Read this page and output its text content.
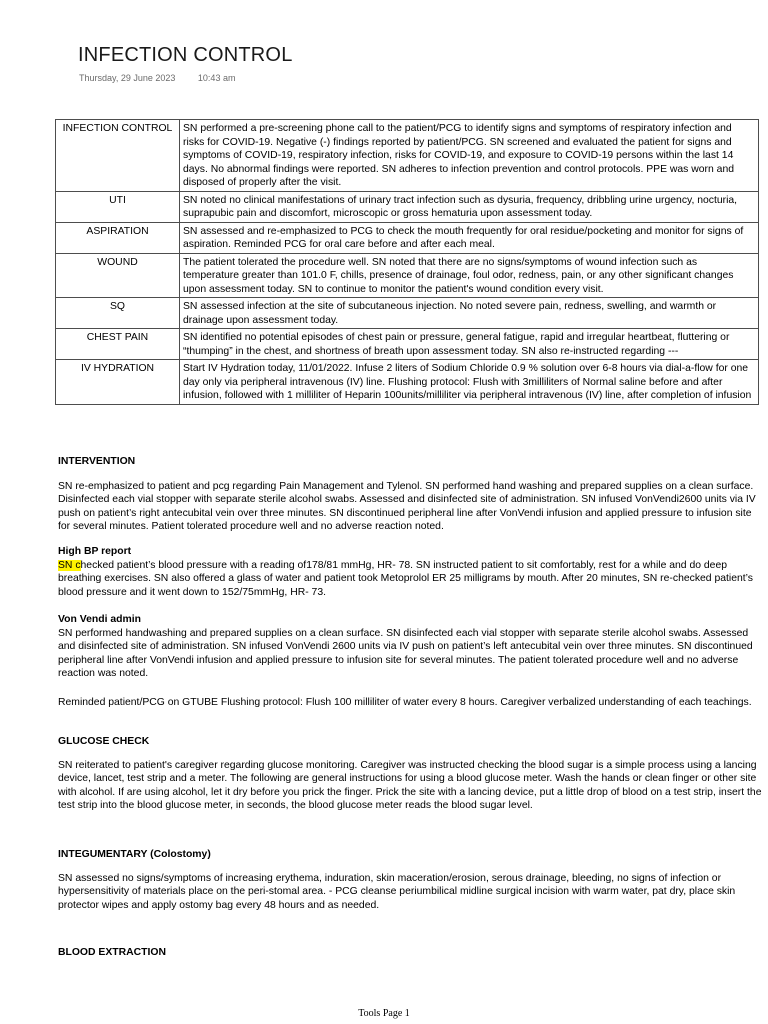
INFECTION CONTROL
Thursday, 29 June 2023	10:43 am
INFECTION CONTROL	SN performed a pre-screening phone call to the patient/PCG to identify signs and symptoms of respiratory infection and risks for COVID-19. Negative (-) findings reported by patient/PCG. SN screened and evaluated the patient for signs and symptoms of COVID-19, respiratory infection, risks for COVID-19, and exposure to COVID-19 persons within the last 14 days. No abnormal findings were reported. SN adheres to infection prevention and control protocols. PPE was worn and disposed of properly after the visit.
UTI	SN noted no clinical manifestations of urinary tract infection such as dysuria, frequency, dribbling urine urgency, nocturia, suprapubic pain and discomfort, microscopic or gross hematuria upon assessment today.
ASPIRATION	SN assessed and re-emphasized to PCG to check the mouth frequently for oral residue/pocketing and monitor for signs of aspiration. Reminded PCG for oral care before and after each meal.
WOUND	The patient tolerated the procedure well. SN noted that there are no signs/symptoms of wound infection such as temperature greater than 101.0 F, chills, presence of drainage, foul odor, redness, pain, or any other significant changes upon assessment today. SN to continue to monitor the patient's wound condition every visit.
SQ	SN assessed infection at the site of subcutaneous injection. No noted severe pain, redness, swelling, and warmth or drainage upon assessment today.
CHEST PAIN	SN identified no potential episodes of chest pain or pressure, general fatigue, rapid and irregular heartbeat, fluttering or “thumping” in the chest, and shortness of breath upon assessment today. SN also re-instructed regarding ---
IV HYDRATION	Start IV Hydration today, 11/01/2022. Infuse 2 liters of Sodium Chloride 0.9 % solution over 6-8 hours via dial-a-flow for one day only via peripheral intravenous (IV) line. Flushing protocol: Flush with 3milliliters of Normal saline before and after infusion, followed with 1 milliliter of Heparin 100units/milliliter via peripheral intravenous (IV) line, after completion of infusion

INTERVENTION

SN re-emphasized to patient and pcg regarding Pain Management and Tylenol. SN performed hand washing and prepared supplies on a clean surface. Disinfected each vial stopper with separate sterile alcohol swabs. Assessed and disinfected site of administration. SN infused VonVendi2600 units via IV push on patient’s right antecubital vein over three minutes. SN discontinued peripheral line after VonVendi infusion and applied pressure to infusion site for several minutes. Patient tolerated procedure well and no adverse reaction noted.

High BP report

SN checked patient’s blood pressure with a reading of178/81 mmHg, HR- 78. SN instructed patient to sit comfortably, rest for a while and do deep breathing exercises. SN also offered a glass of water and patient took Metoprolol ER 25 milligrams by mouth. After 20 minutes, SN re-checked patient’s blood pressure and it went down to 152/75mmHg, HR- 73.

Von Vendi admin

SN performed handwashing and prepared supplies on a clean surface. SN disinfected each vial stopper with separate sterile alcohol swabs. Assessed and disinfected site of administration. SN infused VonVendi 2600 units via IV push on patient’s left antecubital vein over three minutes. SN discontinued peripheral line after VonVendi infusion and applied pressure to infusion site for several minutes. The patient tolerated procedure well and no adverse reaction was noted.

Reminded patient/PCG on GTUBE Flushing protocol: Flush 100 milliliter of water every 8 hours. Caregiver verbalized understanding of each teachings.

GLUCOSE CHECK

SN reiterated to patient's caregiver regarding glucose monitoring. Caregiver was instructed checking the blood sugar is a simple process using a lancing device, lancet, test strip and a meter. The following are general instructions for using a blood glucose meter. Wash the hands or clean finger or other site with alcohol. If are using alcohol, let it dry before you prick the finger. Prick the site with a lancing device, put a little drop of blood on a test strip, insert the test strip into the blood glucose meter, in seconds, the blood glucose meter reads the blood sugar level.

INTEGUMENTARY (Colostomy)

SN assessed no signs/symptoms of increasing erythema, induration, skin maceration/erosion, serous drainage, bleeding, no signs of infection or hypersensitivity of materials place on the peri-stomal area. - PCG cleanse periumbilical midline surgical incision with warm water, pat dry, place skin protector wipes and apply ostomy bag every 48 hours and as needed.

BLOOD EXTRACTION

Tools Page 1
